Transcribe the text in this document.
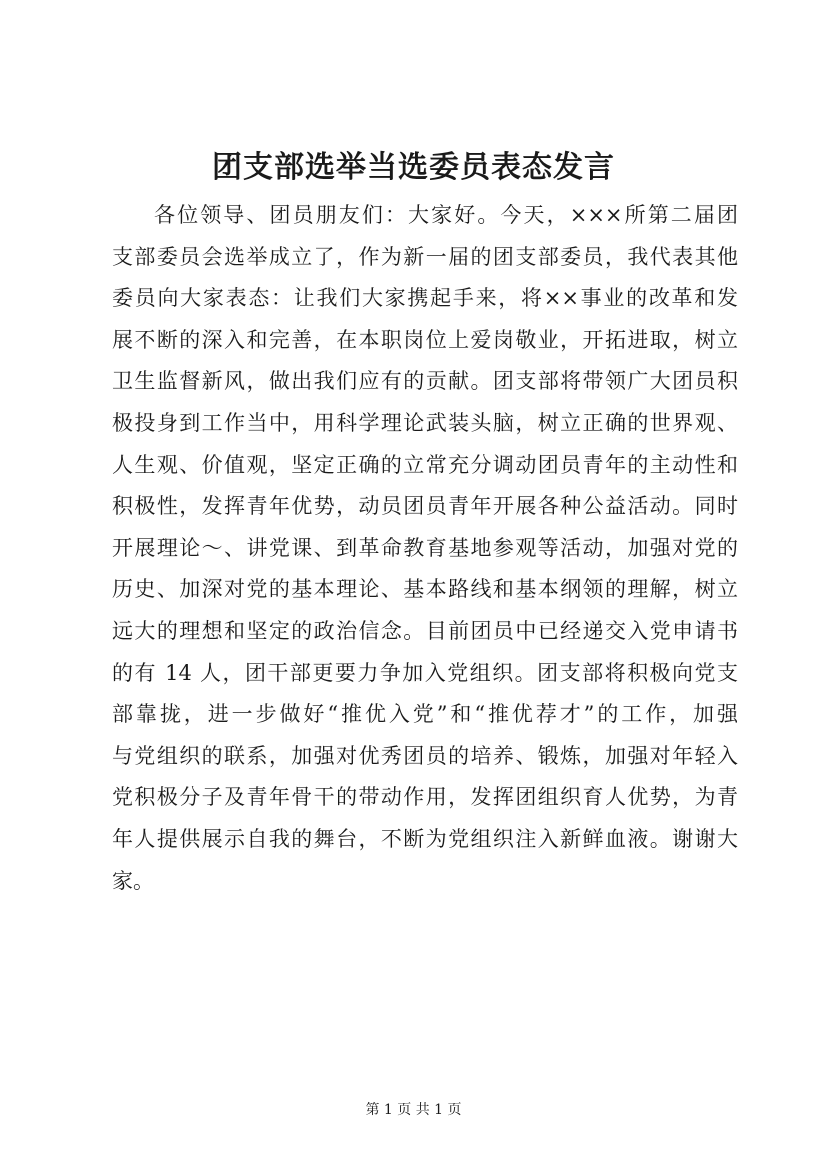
团支部选举当选委员表态发言
各位领导、团员朋友们：大家好。今天，×××所第二届团
支部委员会选举成立了，作为新一届的团支部委员，我代表其他
委员向大家表态：让我们大家携起手来，将××事业的改革和发
展不断的深入和完善，在本职岗位上爱岗敬业，开拓进取，树立
卫生监督新风，做出我们应有的贡献。团支部将带领广大团员积
极投身到工作当中，用科学理论武装头脑，树立正确的世界观、
人生观、价值观，坚定正确的立常充分调动团员青年的主动性和
积极性，发挥青年优势，动员团员青年开展各种公益活动。同时
开展理论～、讲党课、到革命教育基地参观等活动，加强对党的
历史、加深对党的基本理论、基本路线和基本纲领的理解，树立
远大的理想和坚定的政治信念。目前团员中已经递交入党申请书
的有 14 人，团干部更要力争加入党组织。团支部将积极向党支
部靠拢，进一步做好“推优入党”和“推优荐才”的工作，加强
与党组织的联系，加强对优秀团员的培养、锻炼，加强对年轻入
党积极分子及青年骨干的带动作用，发挥团组织育人优势，为青
年人提供展示自我的舞台，不断为党组织注入新鲜血液。谢谢大
家。
第 1 页 共 1 页
